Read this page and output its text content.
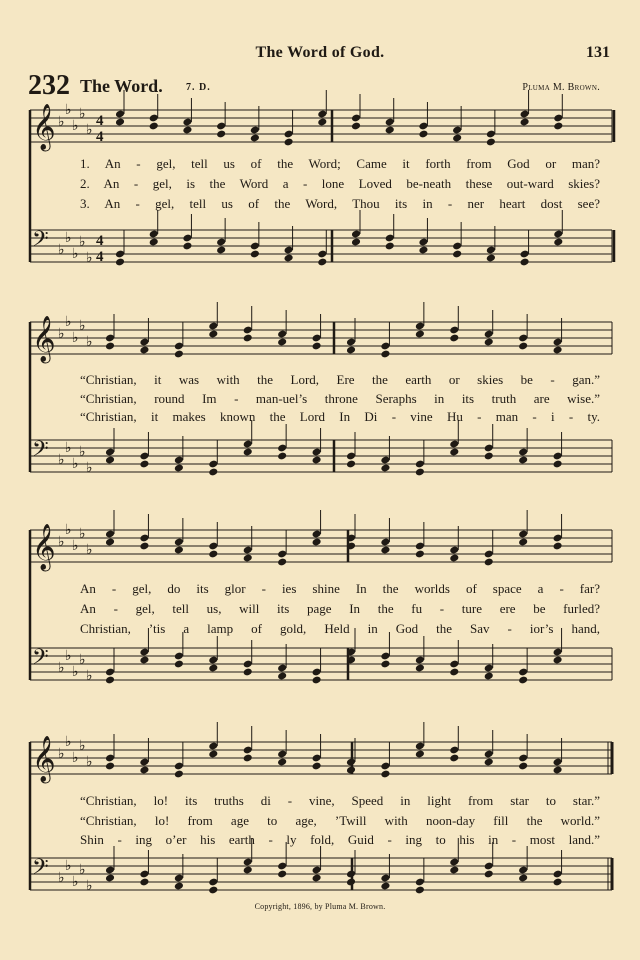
The Word of God.	131
232 The Word. 7. D.	Pluma M. Brown.
𝄞 ♭
♭
♭
♭
♭
4
4
𝄢 ♭
♭
♭
♭
♭
4
4
𝄞 ♭
♭
♭
♭
♭
𝄢 ♭
♭
♭
♭
♭
𝄞 ♭
♭
♭
♭
♭
𝄢 ♭
♭
♭
♭
♭
𝄞 ♭
♭
♭
♭
♭
𝄢 ♭
♭
♭
♭
♭
1. An - gel, tell us of the Word; Came it forth from God or man?
2. An - gel, is the Word a - lone Loved be-neath these out-ward skies?
3. An - gel, tell us of the Word, Thou its in - ner heart dost see?
“Christian, it was with the Lord, Ere the earth or skies be - gan.”
“Christian, round Im - man-uel’s throne Seraphs in its truth are wise.”
“Christian, it makes known the Lord In Di - vine Hu - man - i - ty.
An - gel, do its glor - ies shine In the worlds of space a - far?
An - gel, tell us, will its page In the fu - ture ere be furled?
Christian, ’tis a lamp of gold, Held in God the Sav - ior’s hand,
“Christian, lo! its truths di - vine, Speed in light from star to star.”
“Christian, lo! from age to age, ’Twill with noon-day fill the world.”
Shin - ing o’er his earth - ly fold, Guid - ing to his in - most land.”
Copyright, 1896, by Pluma M. Brown.
